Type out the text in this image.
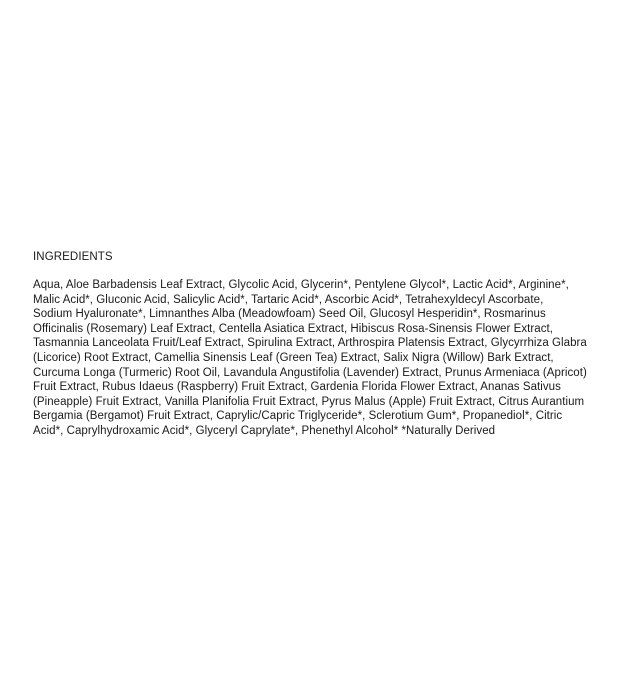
INGREDIENTS
Aqua, Aloe Barbadensis Leaf Extract, Glycolic Acid, Glycerin*, Pentylene Glycol*, Lactic Acid*, Arginine*,
Malic Acid*, Gluconic Acid, Salicylic Acid*, Tartaric Acid*, Ascorbic Acid*, Tetrahexyldecyl Ascorbate,
Sodium Hyaluronate*, Limnanthes Alba (Meadowfoam) Seed Oil, Glucosyl Hesperidin*, Rosmarinus
Officinalis (Rosemary) Leaf Extract, Centella Asiatica Extract, Hibiscus Rosa-Sinensis Flower Extract,
Tasmannia Lanceolata Fruit/Leaf Extract, Spirulina Extract, Arthrospira Platensis Extract, Glycyrrhiza Glabra
(Licorice) Root Extract, Camellia Sinensis Leaf (Green Tea) Extract, Salix Nigra (Willow) Bark Extract,
Curcuma Longa (Turmeric) Root Oil, Lavandula Angustifolia (Lavender) Extract, Prunus Armeniaca (Apricot)
Fruit Extract, Rubus Idaeus (Raspberry) Fruit Extract, Gardenia Florida Flower Extract, Ananas Sativus
(Pineapple) Fruit Extract, Vanilla Planifolia Fruit Extract, Pyrus Malus (Apple) Fruit Extract, Citrus Aurantium
Bergamia (Bergamot) Fruit Extract, Caprylic/Capric Triglyceride*, Sclerotium Gum*, Propanediol*, Citric
Acid*, Caprylhydroxamic Acid*, Glyceryl Caprylate*, Phenethyl Alcohol* *Naturally Derived
